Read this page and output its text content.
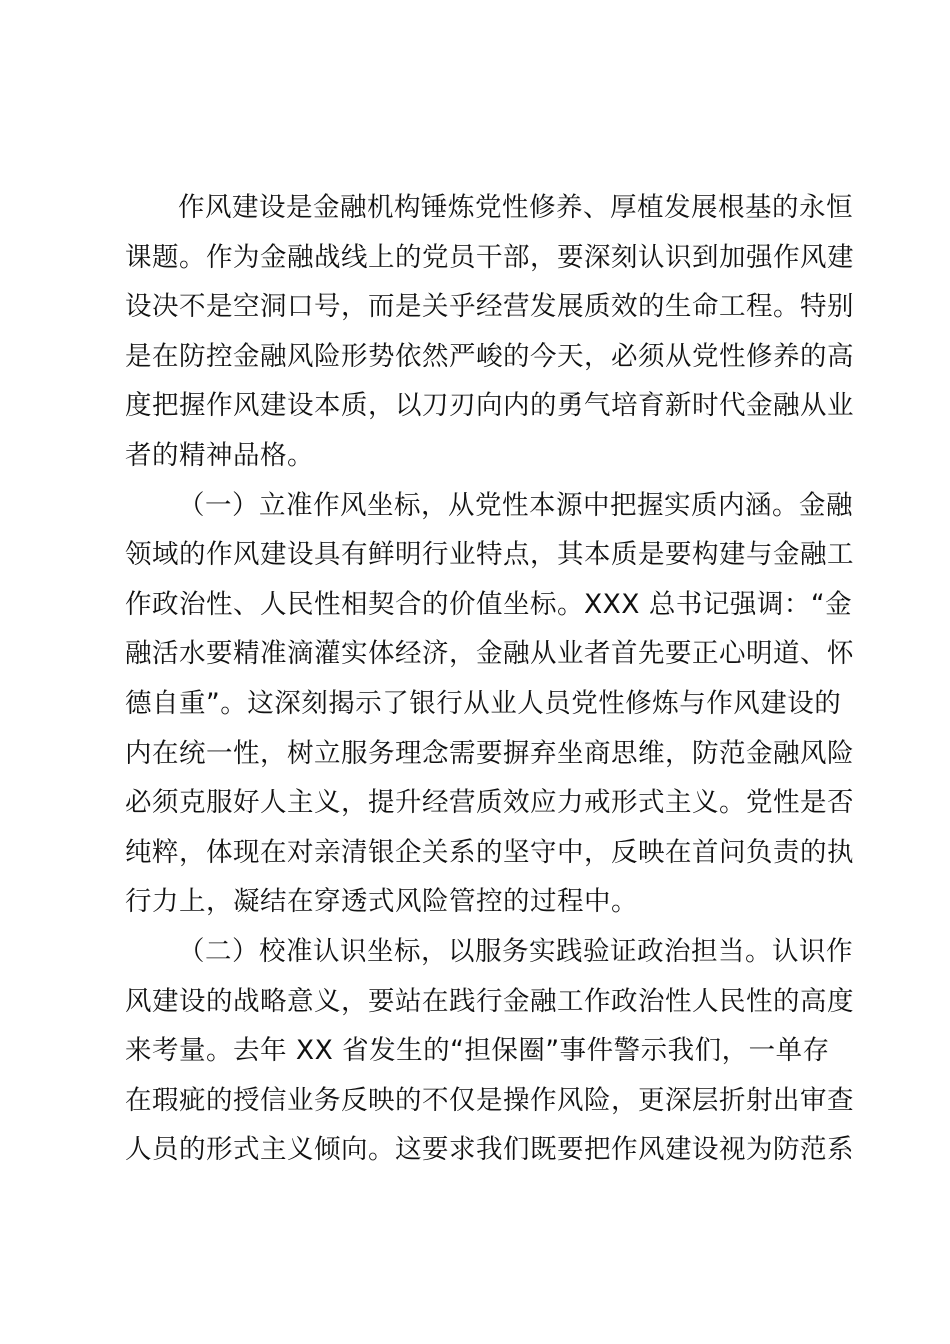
作风建设是金融机构锤炼党性修养、厚植发展根基的永恒
课题。作为金融战线上的党员干部，要深刻认识到加强作风建
设决不是空洞口号，而是关乎经营发展质效的生命工程。特别
是在防控金融风险形势依然严峻的今天，必须从党性修养的高
度把握作风建设本质，以刀刃向内的勇气培育新时代金融从业
者的精神品格。
（一）立准作风坐标，从党性本源中把握实质内涵。金融
领域的作风建设具有鲜明行业特点，其本质是要构建与金融工
作政治性、人民性相契合的价值坐标。XXX 总书记强调：“金
融活水要精准滴灌实体经济，金融从业者首先要正心明道、怀
德自重”。这深刻揭示了银行从业人员党性修炼与作风建设的
内在统一性，树立服务理念需要摒弃坐商思维，防范金融风险
必须克服好人主义，提升经营质效应力戒形式主义。党性是否
纯粹，体现在对亲清银企关系的坚守中，反映在首问负责的执
行力上，凝结在穿透式风险管控的过程中。
（二）校准认识坐标，以服务实践验证政治担当。认识作
风建设的战略意义，要站在践行金融工作政治性人民性的高度
来考量。去年 XX 省发生的“担保圈”事件警示我们，一单存
在瑕疵的授信业务反映的不仅是操作风险，更深层折射出审查
人员的形式主义倾向。这要求我们既要把作风建设视为防范系
